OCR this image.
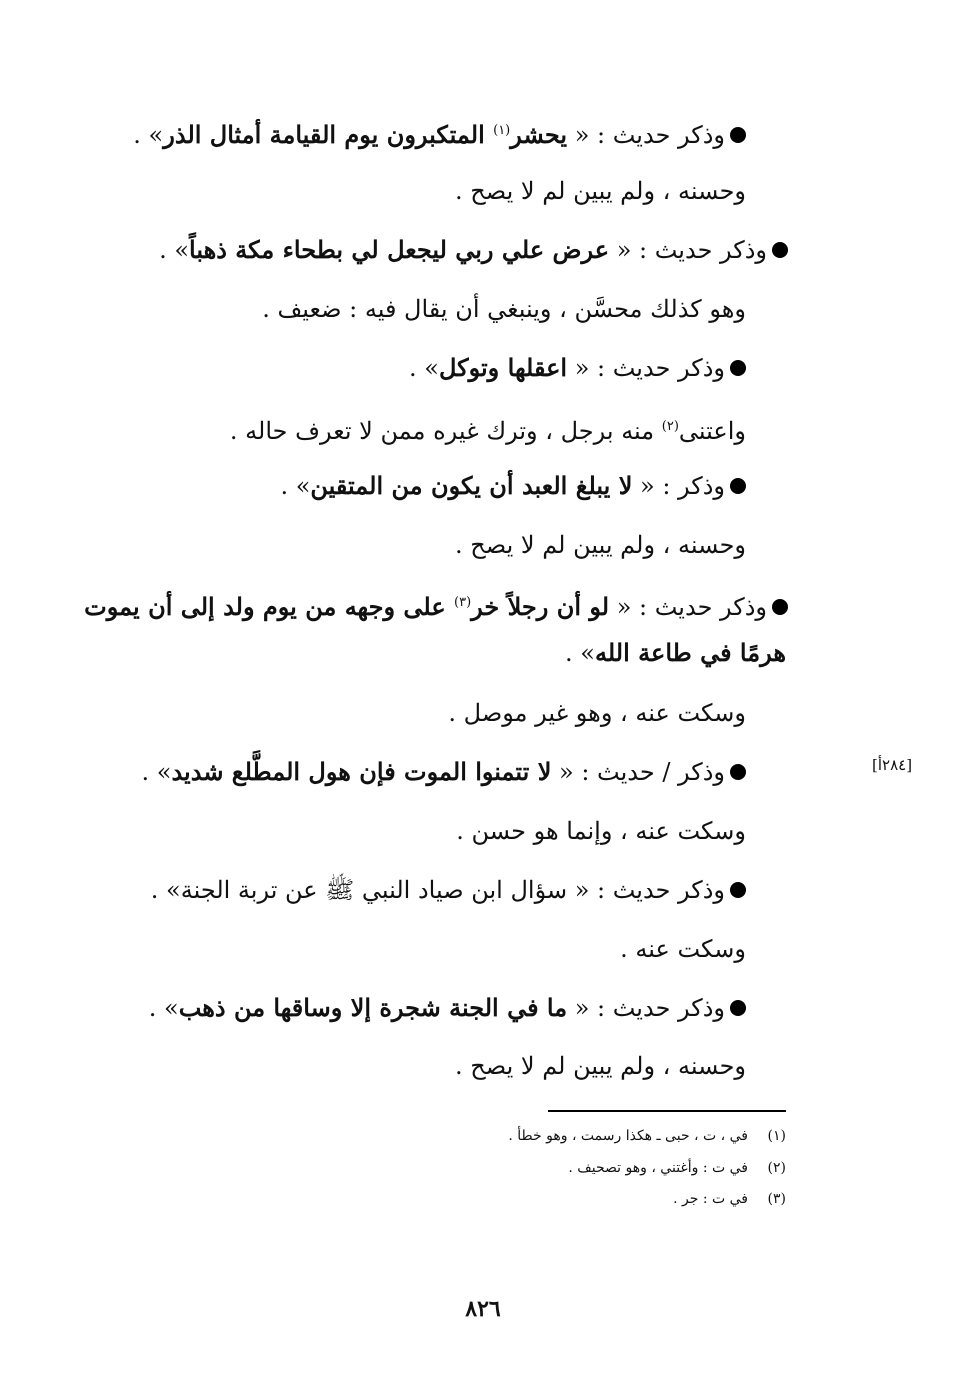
وذكر حديث : « يحشر$^{(١)}$ المتكبرون يوم القيامة أمثال الذر» .
وحسنه ، ولم يبين لم لا يصح .
وذكر حديث : « عرض علي ربي ليجعل لي بطحاء مكة ذهباً» .
وهو كذلك محسَّن ، وينبغي أن يقال فيه : ضعيف .
وذكر حديث : « اعقلها وتوكل» .
واعتنى$^{(٢)}$ منه برجل ، وترك غيره ممن لا تعرف حاله .
وذكر : « لا يبلغ العبد أن يكون من المتقين» .
وحسنه ، ولم يبين لم لا يصح .
وذكر حديث : « لو أن رجلاً خر$^{(٣)}$ على وجهه من يوم ولد إلى أن يموت
هرمًا في طاعة الله» .
وسكت عنه ، وهو غير موصل .
وذكر / حديث : « لا تتمنوا الموت فإن هول المطَّلع شديد» .	[٢٨٤أ]
وسكت عنه ، وإنما هو حسن .
وذكر حديث : « سؤال ابن صياد النبي ﷺ عن تربة الجنة» .
وسكت عنه .
وذكر حديث : « ما في الجنة شجرة إلا وساقها من ذهب» .
وحسنه ، ولم يبين لم لا يصح .
(١)في ، ت ، حبى ـ هكذا رسمت ، وهو خطأ .
(٢)في ت : وأغتني ، وهو تصحيف .
(٣)في ت : جر .
٨٢٦
